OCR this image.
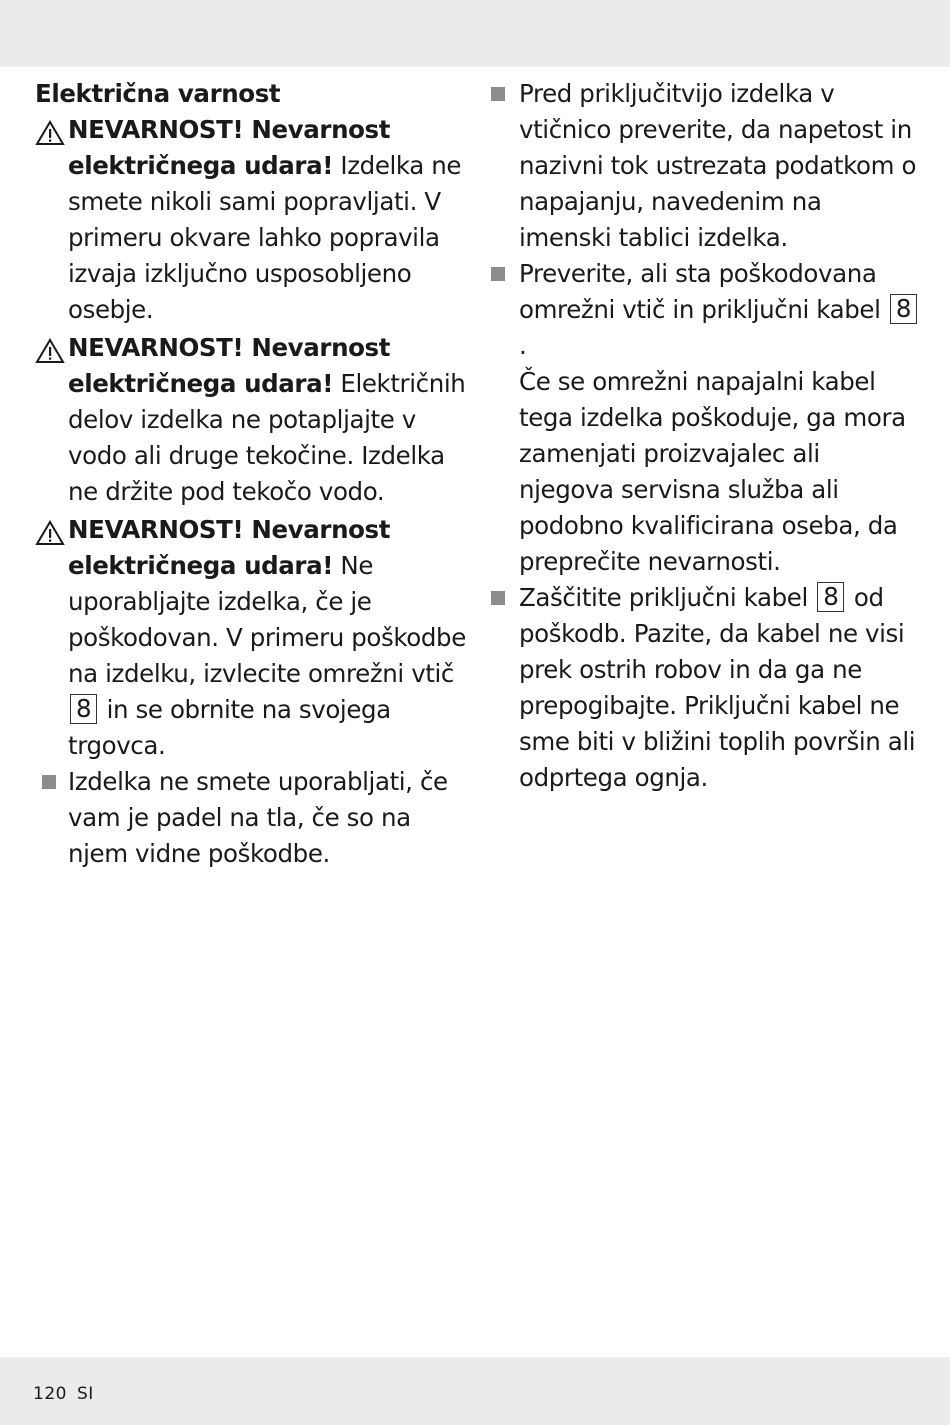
Električna varnost
NEVARNOST! Nevarnost električnega udara! Izdelka ne smete nikoli sami popravljati. V primeru okvare lahko popravila izvaja izključno usposobljeno osebje.
NEVARNOST! Nevarnost električnega udara! Električnih delov izdelka ne potapljajte v vodo ali druge tekočine. Izdelka ne držite pod tekočo vodo.
NEVARNOST! Nevarnost električnega udara! Ne uporabljajte izdelka, če je poškodovan. V primeru poškodbe na izdelku, izvlecite omrežni vtič 8 in se obrnite na svojega trgovca.
Izdelka ne smete uporabljati, če vam je padel na tla, če so na njem vidne poškodbe.
Pred priključitvijo izdelka v vtičnico preverite, da napetost in nazivni tok ustrezata podatkom o napajanju, navedenim na imenski tablici izdelka.
Preverite, ali sta poškodovana omrežni vtič in priključni kabel 8.
Če se omrežni napajalni kabel tega izdelka poškoduje, ga mora zamenjati proizvajalec ali njegova servisna služba ali podobno kvalificirana oseba, da preprečite nevarnosti.
Zaščitite priključni kabel 8 od poškodb. Pazite, da kabel ne visi prek ostrih robov in da ga ne prepogibajte. Priključni kabel ne sme biti v bližini toplih površin ali odprtega ognja.
120 SI
